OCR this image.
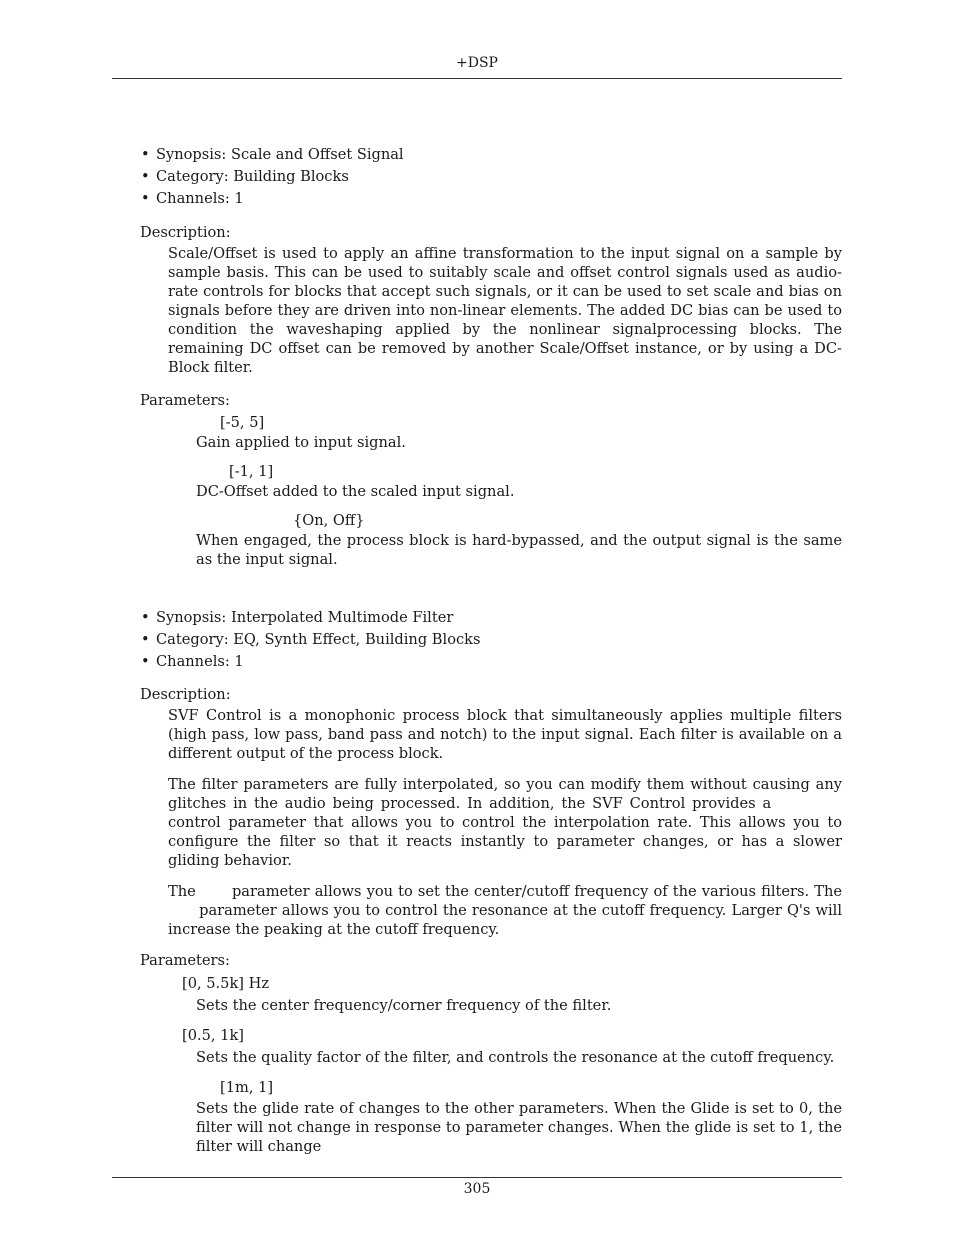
+DSP
• Synopsis: Scale and Offset Signal
• Category: Building Blocks
• Channels: 1
Description:

Scale/Offset is used to apply an affine transformation to the input signal on a sample by sample basis. This can be used to suitably scale and offset control signals used as audio-rate controls for blocks that accept such signals, or it can be used to set scale and bias on signals before they are driven into non-linear elements. The added DC bias can be used to condition the waveshaping applied by the nonlinear signalprocessing blocks. The remaining DC offset can be removed by another Scale/Offset instance, or by using a DC-Block filter.

Parameters:
[-5, 5]
Gain applied to input signal.
[-1, 1]
DC-Offset added to the scaled input signal.
{On, Off}
When engaged, the process block is hard-bypassed, and the output signal is the same as the input signal.
• Synopsis: Interpolated Multimode Filter
• Category: EQ, Synth Effect, Building Blocks
• Channels: 1
Description:

SVF Control is a monophonic process block that simultaneously applies multiple filters (high pass, low pass, band pass and notch) to the input signal. Each filter is available on a different output of the process block.

The filter parameters are fully interpolated, so you can modify them without causing any glitches in the audio being processed. In addition, the SVF Control provides a  control parameter that allows you to control the interpolation rate. This allows you to configure the filter so that it reacts instantly to parameter changes, or has a slower gliding behavior.

The parameter allows you to set the center/cutoff frequency of the various filters. The  parameter allows you to control the resonance at the cutoff frequency. Larger Q's will increase the peaking at the cutoff frequency.

Parameters:
[0, 5.5k] Hz
Sets the center frequency/corner frequency of the filter.
[0.5, 1k]
Sets the quality factor of the filter, and controls the resonance at the cutoff frequency.
[1m, 1]
Sets the glide rate of changes to the other parameters. When the Glide is set to 0, the filter will not change in response to parameter changes. When the glide is set to 1, the filter will change
305
